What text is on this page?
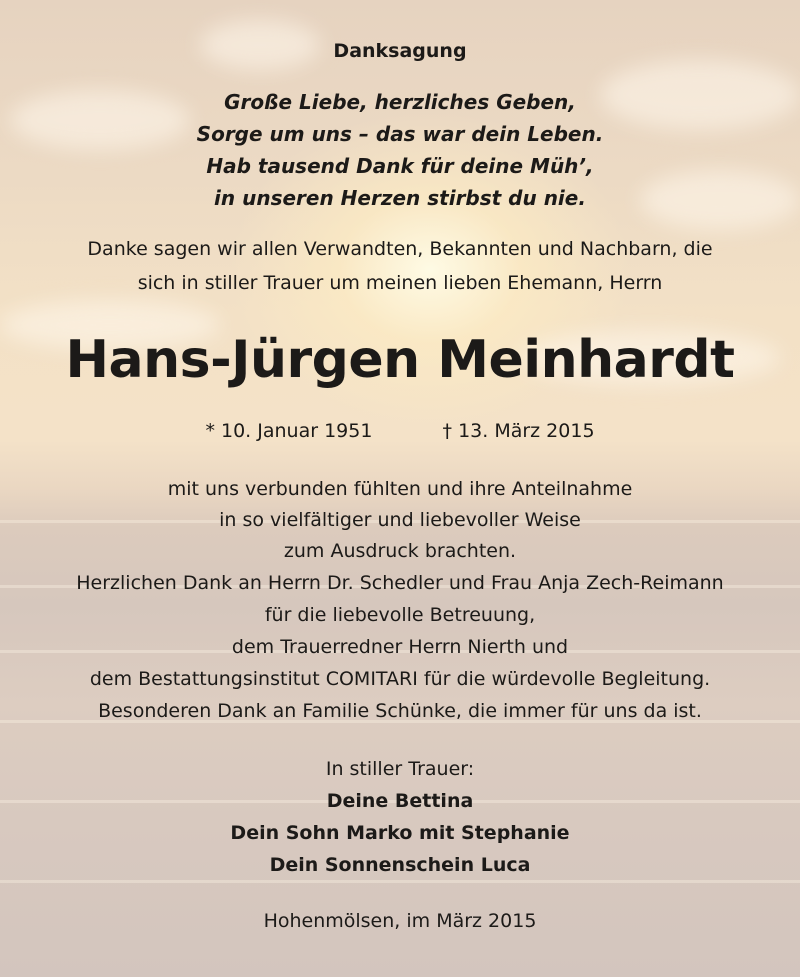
Danksagung
Große Liebe, herzliches Geben,
Sorge um uns – das war dein Leben.
Hab tausend Dank für deine Müh’,
in unseren Herzen stirbst du nie.
Danke sagen wir allen Verwandten, Bekannten und Nachbarn, die
sich in stiller Trauer um meinen lieben Ehemann, Herrn
Hans-Jürgen Meinhardt
* 10. Januar 1951	† 13. März 2015
mit uns verbunden fühlten und ihre Anteilnahme
in so vielfältiger und liebevoller Weise
zum Ausdruck brachten.
Herzlichen Dank an Herrn Dr. Schedler und Frau Anja Zech-Reimann
für die liebevolle Betreuung,
dem Trauerredner Herrn Nierth und
dem Bestattungsinstitut COMITARI für die würdevolle Begleitung.
Besonderen Dank an Familie Schünke, die immer für uns da ist.
In stiller Trauer:
Deine Bettina
Dein Sohn Marko mit Stephanie
Dein Sonnenschein Luca
Hohenmölsen, im März 2015
